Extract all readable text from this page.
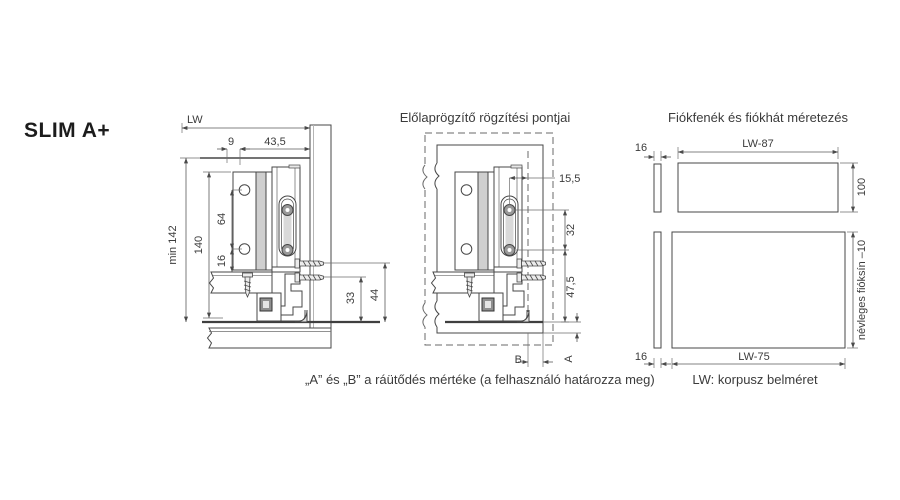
SLIM A+
Előlaprögzítő rögzítési pontjai	Fiókfenék és fiókhát méretezés
LW
9	43,5
min 142 140
64
16
33 44
15,5
32
47,5
A
B
16	LW-87
100
névleges fióksín –10
16	LW-75
„A” és „B” a ráütődés mértéke (a felhasználó határozza meg)	LW: korpusz belméret
